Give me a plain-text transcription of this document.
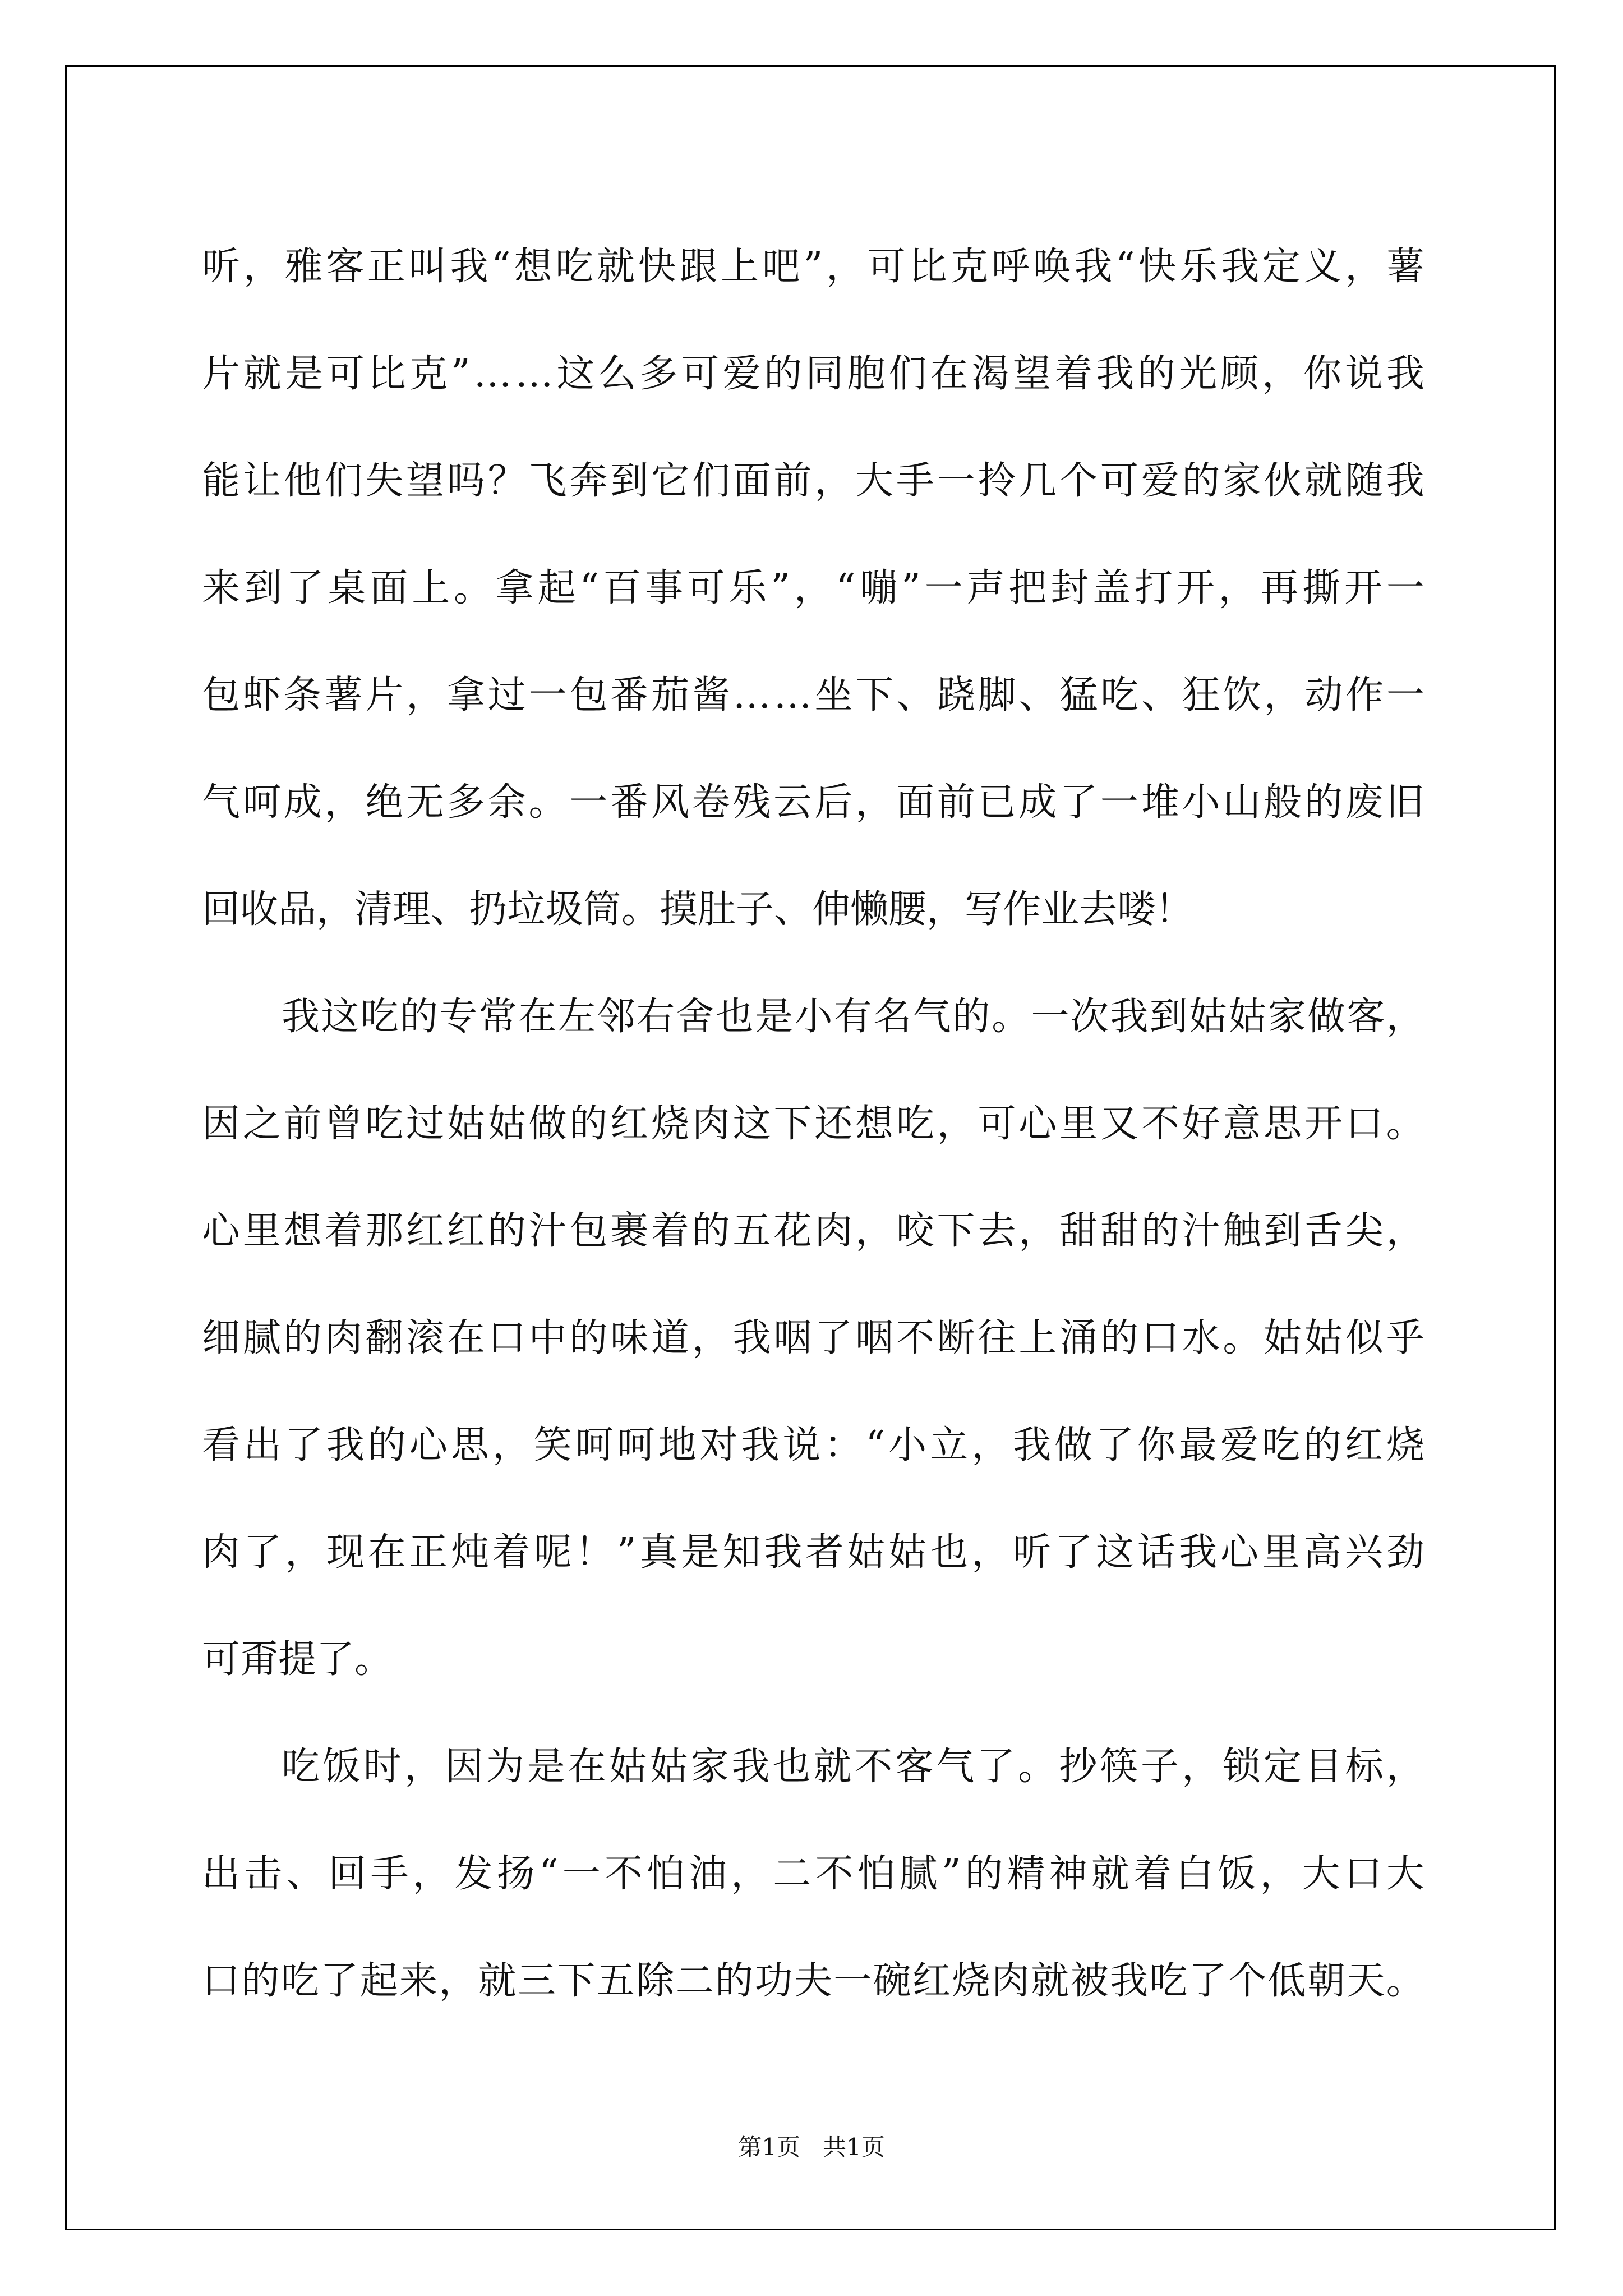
听 ， 雅 客 正 叫 我 “ 想 吃 就 快 跟 上 吧 ” ， 可 比 克 呼 唤 我 “ 快 乐 我 定 义 ， 薯
片 就 是 可 比 克 ” … … 这 么 多 可 爱 的 同 胞 们 在 渴 望 着 我 的 光 顾 ， 你 说 我
能 让 他 们 失 望 吗 ？ 飞 奔 到 它 们 面 前 ， 大 手 一 拎 几 个 可 爱 的 家 伙 就 随 我
来 到 了 桌 面 上 。 拿 起 “ 百 事 可 乐 ” ， “ 嘣 ” 一 声 把 封 盖 打 开 ， 再 撕 开 一
包 虾 条 薯 片 ， 拿 过 一 包 番 茄 酱 … … 坐 下 、 跷 脚 、 猛 吃 、 狂 饮 ， 动 作 一
气 呵 成 ， 绝 无 多 余 。 一 番 风 卷 残 云 后 ， 面 前 已 成 了 一 堆 小 山 般 的 废 旧
回收品，清理、扔垃圾筒。摸肚子、伸懒腰，写作业去喽！
我 这 吃 的 专 常 在 左 邻 右 舍 也 是 小 有 名 气 的 。 一 次 我 到 姑 姑 家 做 客 ，
因 之 前 曾 吃 过 姑 姑 做 的 红 烧 肉 这 下 还 想 吃 ， 可 心 里 又 不 好 意 思 开 口 。
心 里 想 着 那 红 红 的 汁 包 裹 着 的 五 花 肉 ， 咬 下 去 ， 甜 甜 的 汁 触 到 舌 尖 ，
细 腻 的 肉 翻 滚 在 口 中 的 味 道 ， 我 咽 了 咽 不 断 往 上 涌 的 口 水 。 姑 姑 似 乎
看 出 了 我 的 心 思 ， 笑 呵 呵 地 对 我 说 ： “ 小 立 ， 我 做 了 你 最 爱 吃 的 红 烧
肉 了 ， 现 在 正 炖 着 呢 ！ ” 真 是 知 我 者 姑 姑 也 ， 听 了 这 话 我 心 里 高 兴 劲
可甭提了。
吃 饭 时 ， 因 为 是 在 姑 姑 家 我 也 就 不 客 气 了 。 抄 筷 子 ， 锁 定 目 标 ，
出 击 、 回 手 ， 发 扬 “ 一 不 怕 油 ， 二 不 怕 腻 ” 的 精 神 就 着 白 饭 ， 大 口 大
口 的 吃 了 起 来 ， 就 三 下 五 除 二 的 功 夫 一 碗 红 烧 肉 就 被 我 吃 了 个 低 朝 天 。
第1页   共1页
